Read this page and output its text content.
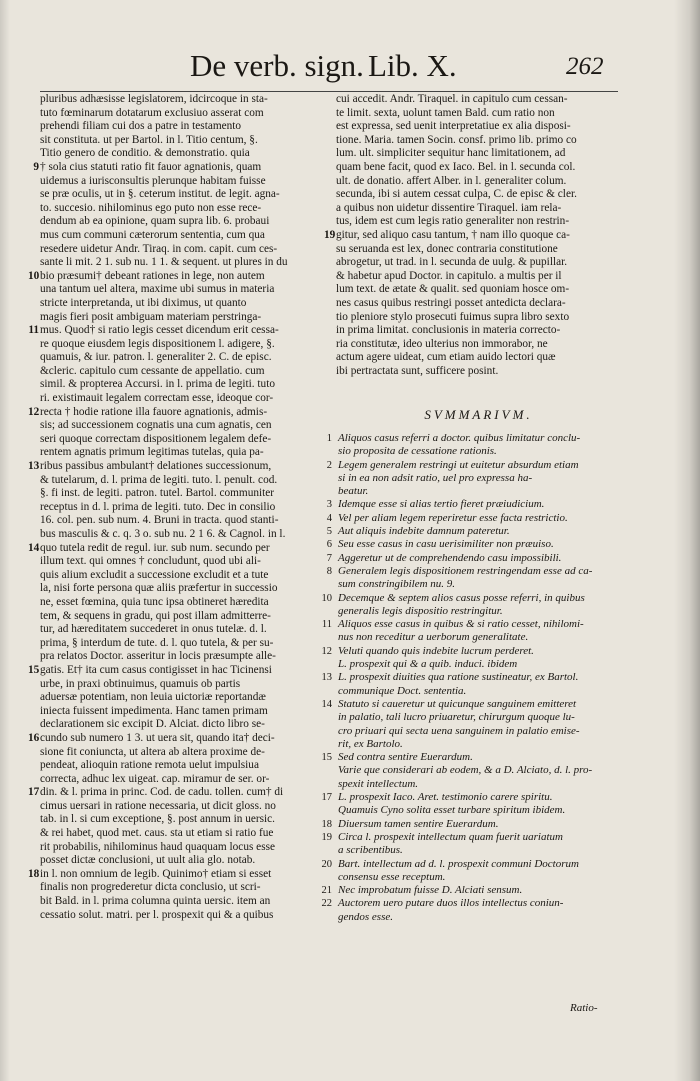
De verb. sign. Lib. X.	262
pluribus adhæsisse legislatorem, idcircoque in sta-
tuto fœminarum dotatarum exclusiuo asserat com
prehendi filiam cui dos a patre in testamento
sit constituta. ut per Bartol. in l. Titio centum, §.
Titio genero de conditio. & demonstratio. quia
9 † sola cius statuti ratio fit fauor agnationis, quam
uidemus a iurisconsultis plerunque habitam fuisse
se præ oculis, ut in §. ceterum institut. de legit. agna-
to. succesio. nihilominus ego puto non esse rece-
dendum ab ea opinione, quam supra lib. 6. probaui
mus cum communi cæterorum sententia, cum qua
resedere uidetur Andr. Tiraq. in com. capit. cum ces-
sante li mit. 2 1. sub nu. 1 1. & sequent. ut plures in du
10 bio præsumi† debeant rationes in lege, non autem
una tantum uel altera, maxime ubi sumus in materia
stricte interpretanda, ut ibi diximus, ut quanto
magis fieri posit ambiguam materiam perstringa-
11 mus. Quod† si ratio legis cesset dicendum erit cessa-
re quoque eiusdem legis dispositionem l. adigere, §.
quamuis, & iur. patron. l. generaliter 2. C. de episc.
&cleric. capitulo cum cessante de appellatio. cum
simil. & propterea Accursi. in l. prima de legiti. tuto
ri. existimauit legalem correctam esse, ideoque cor-
12 recta † hodie ratione illa fauore agnationis, admis-
sis; ad successionem cognatis una cum agnatis, cen
seri quoque correctam dispositionem legalem defe-
rentem agnatis primum legitimas tutelas, quia pa-
13 ribus passibus ambulant† delationes successionum,
& tutelarum, d. l. prima de legiti. tuto. l. penult. cod.
§. fi inst. de legiti. patron. tutel. Bartol. communiter
receptus in d. l. prima de legiti. tuto. Dec in consilio
16. col. pen. sub num. 4. Bruni in tracta. quod stanti-
bus masculis & c. q. 3 o. sub nu. 2 1 6. & Cagnol. in l.
14 quo tutela redit de regul. iur. sub num. secundo per
illum text. qui omnes † concludunt, quod ubi ali-
quis alium excludit a successione excludit et a tute
la, nisi forte persona quæ aliis præfertur in successio
ne, esset fœmina, quia tunc ipsa obtineret hæredita
tem, & sequens in gradu, qui post illam admitterre-
tur, ad hæreditatem succederet in onus tutelæ. d. l.
prima, § interdum de tute. d. l. quo tutela, & per su-
pra relatos Doctor. asseritur in locis præsumpte alle-
15 gatis. Et† ita cum casus contigisset in hac Ticinensi
urbe, in praxi obtinuimus, quamuis ob partis
aduersæ potentiam, non leuia uictoriæ reportandæ
iniecta fuissent impedimenta. Hanc tamen primam
declarationem sic excipit D. Alciat. dicto libro se-
16 cundo sub numero 1 3. ut uera sit, quando ita† deci-
sione fit coniuncta, ut altera ab altera proxime de-
pendeat, alioquin ratione remota uelut impulsiua
correcta, adhuc lex uigeat. cap. miramur de ser. or-
17 din. & l. prima in princ. Cod. de cadu. tollen. cum† di
cimus uersari in ratione necessaria, ut dicit gloss. no
tab. in l. si cum exceptione, §. post annum in uersic.
& rei habet, quod met. caus. sta ut etiam si ratio fue
rit probabilis, nihilominus haud quaquam locus esse
posset dictæ conclusioni, ut uult alia glo. notab.
18 in l. non omnium de legib. Quinimo† etiam si esset
finalis non progrederetur dicta conclusio, ut scri-
bit Bald. in l. prima columna quinta uersic. item an
cessatio solut. matri. per l. prospexit qui & a quibus
cui accedit. Andr. Tiraquel. in capitulo cum cessan-
te limit. sexta, uolunt tamen Bald. cum ratio non
est expressa, sed uenit interpretatiue ex alia disposi-
tione. Maria. tamen Socin. consf. primo lib. primo co
lum. ult. simpliciter sequitur hanc limitationem, ad
quam bene facit, quod ex Iaco. Bel. in l. secunda col.
ult. de donatio. affert Alber. in l. generaliter colum.
secunda, ibi si autem cessat culpa, C. de episc & cler.
a quibus non uidetur dissentire Tiraquel. iam rela-
tus, idem est cum legis ratio generaliter non restrin-
19 gitur, sed aliquo casu tantum, † nam illo quoque ca-
su seruanda est lex, donec contraria constitutione
abrogetur, ut trad. in l. secunda de uulg. & pupillar.
& habetur apud Doctor. in capitulo. a multis per il
lum text. de ætate & qualit. sed quoniam hosce om-
nes casus quibus restringi posset antedicta declara-
tio pleniore stylo prosecuti fuimus supra libro sexto
in prima limitat. conclusionis in materia correcto-
ria constitutæ, ideo ulterius non immorabor, ne
actum agere uideat, cum etiam auido lectori quæ
ibi pertractata sunt, sufficere posint.
SVMMARIVM.
1 Aliquos casus referri a doctor. quibus limitatur conclu-
sio proposita de cessatione rationis.
2 Legem generalem restringi ut euitetur absurdum etiam
si in ea non adsit ratio, uel pro expressa ha-
beatur.
3 Idemque esse si alias tertio fieret præiudicium.
4 Vel per aliam legem reperiretur esse facta restrictio.
5 Aut aliquis indebite damnum pateretur.
6 Seu esse casus in casu uerisimiliter non præuiso.
7 Aggeretur ut de comprehendendo casu impossibili.
8 Generalem legis dispositionem restringendam esse ad ca-
sum constringibilem nu. 9.
10 Decemque & septem alios casus posse referri, in quibus
generalis legis dispositio restringitur.
11 Aliquos esse casus in quibus & si ratio cesset, nihilomi-
nus non receditur a uerborum generalitate.
12 Veluti quando quis indebite lucrum perderet.
L. prospexit qui & a quib. induci. ibidem
13 L. prospexit diuities qua ratione sustineatur, ex Bartol.
communique Doct. sententia.
14 Statuto si caueretur ut quicunque sanguinem emitteret
in palatio, tali lucro priuaretur, chirurgum quoque lu-
cro priuari qui secta uena sanguinem in palatio emise-
rit, ex Bartolo.
15 Sed contra sentire Euerardum.
Varie que considerari ab eodem, & a D. Alciato, d. l. pro-
spexit intellectum.
17 L. prospexit Iaco. Aret. testimonio carere spiritu.
Quamuis Cyno solita esset turbare spiritum ibidem.
18 Diuersum tamen sentire Euerardum.
19 Circa l. prospexit intellectum quam fuerit uariatum
a scribentibus.
20 Bart. intellectum ad d. l. prospexit communi Doctorum
consensu esse receptum.
21 Nec improbatum fuisse D. Alciati sensum.
22 Auctorem uero putare duos illos intellectus coniun-
gendos esse.
Ratio-
